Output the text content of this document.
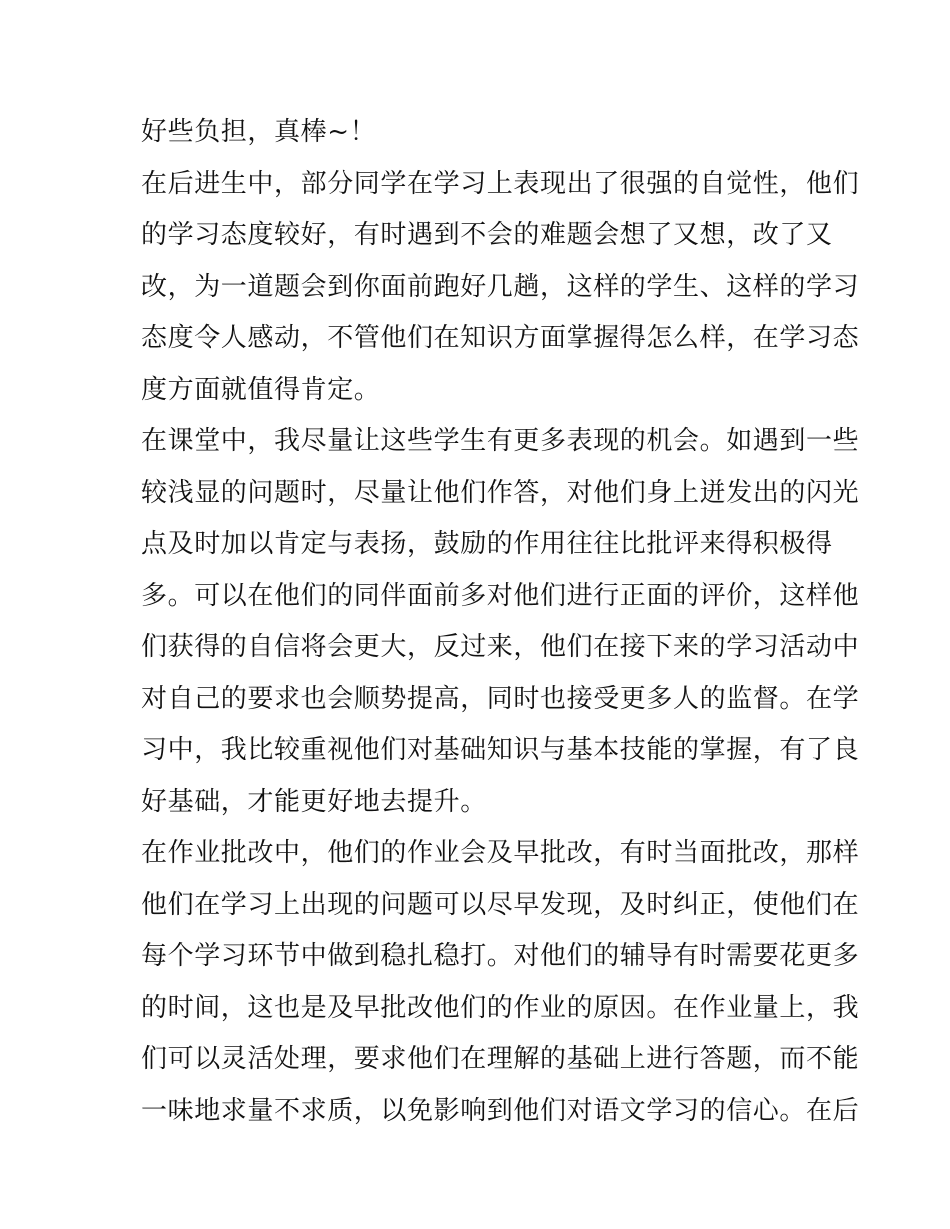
好些负担，真棒~！
在后进生中，部分同学在学习上表现出了很强的自觉性，他们
的学习态度较好，有时遇到不会的难题会想了又想，改了又
改，为一道题会到你面前跑好几趟，这样的学生、这样的学习
态度令人感动，不管他们在知识方面掌握得怎么样，在学习态
度方面就值得肯定。
在课堂中，我尽量让这些学生有更多表现的机会。如遇到一些
较浅显的问题时，尽量让他们作答，对他们身上迸发出的闪光
点及时加以肯定与表扬，鼓励的作用往往比批评来得积极得
多。可以在他们的同伴面前多对他们进行正面的评价，这样他
们获得的自信将会更大，反过来，他们在接下来的学习活动中
对自己的要求也会顺势提高，同时也接受更多人的监督。在学
习中，我比较重视他们对基础知识与基本技能的掌握，有了良
好基础，才能更好地去提升。
在作业批改中，他们的作业会及早批改，有时当面批改，那样
他们在学习上出现的问题可以尽早发现，及时纠正，使他们在
每个学习环节中做到稳扎稳打。对他们的辅导有时需要花更多
的时间，这也是及早批改他们的作业的原因。在作业量上，我
们可以灵活处理，要求他们在理解的基础上进行答题，而不能
一味地求量不求质，以免影响到他们对语文学习的信心。在后
